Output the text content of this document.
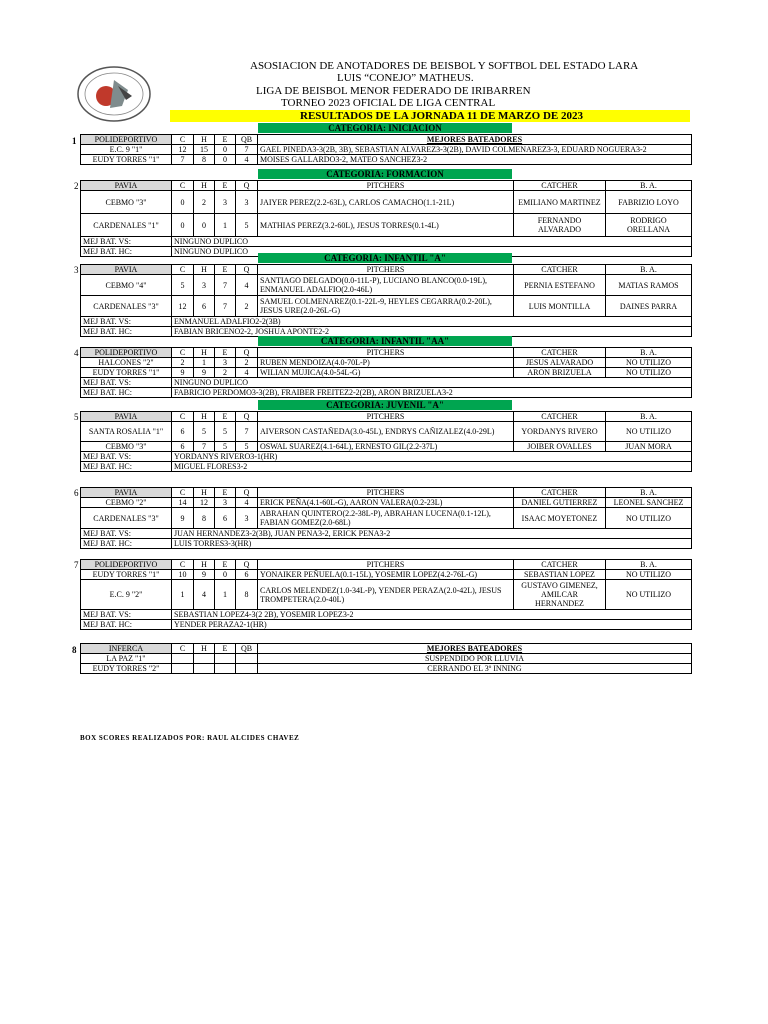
ASOSIACION DE ANOTADORES DE BEISBOL Y SOFTBOL DEL ESTADO LARA
LUIS “CONEJO” MATHEUS.
LIGA DE BEISBOL MENOR FEDERADO DE IRIBARREN
TORNEO 2023 OFICIAL DE LIGA CENTRAL
RESULTADOS DE LA JORNADA 11 DE MARZO DE 2023
CATEGORIA: INICIACION
1 POLIDEPORTIVO	C	H	E	QB	MEJORES BATEADORES
E.C. 9 "1"	12	15	0	7	GAEL PINEDA3-3(2B, 3B), SEBASTIAN ALVAREZ3-3(2B), DAVID COLMENAREZ3-3, EDUARD NOGUERA3-2
EUDY TORRES "1"	7	8	0	4	MOISES GALLARDO3-2, MATEO SANCHEZ3-2
CATEGORIA: FORMACION
2	PAVIA	C	H	E	Q	PITCHERS	CATCHER	B. A.
CEBMO "3"	0	2	3	3	JAIYER PEREZ(2.2-63L), CARLOS CAMACHO(1.1-21L)	EMILIANO MARTINEZ	FABRIZIO LOYO
CARDENALES "1"	0	0	1	5	MATHIAS PEREZ(3.2-60L), JESUS TORRES(0.1-4L)	FERNANDO ALVARADO	RODRIGO ORELLANA
MEJ BAT. VS:	NINGUNO DUPLICO						
MEJ BAT. HC:	NINGUNO DUPLICO						
CATEGORIA: INFANTIL "A"
3	PAVIA	C	H	E	Q	PITCHERS	CATCHER	B. A.
CEBMO "4"	5	3	7	4	SANTIAGO DELGADO(0.0-11L-P), LUCIANO BLANCO(0.0-19L), ENMANUEL ADALFIO(2.0-46L)	PERNIA ESTEFANO	MATIAS RAMOS
CARDENALES "3"	12	6	7	2	SAMUEL COLMENAREZ(0.1-22L-9, HEYLES CEGARRA(0.2-20L), JESUS URE(2.0-26L-G)	LUIS MONTILLA	DAINES PARRA
MEJ BAT. VS:	ENMANUEL ADALFIO2-2(3B)						
MEJ BAT. HC:	FABIAN BRICENO2-2, JOSHUA APONTE2-2						
CATEGORIA: INFANTIL "AA"
4 POLIDEPORTIVO	C	H	E	Q	PITCHERS	CATCHER	B. A.
HALCONES "2"	2	1	3	2	RUBEN MENDOIZA(4.0-70L-P)	JESUS ALVARADO	NO UTILIZO
EUDY TORRES "1"	9	9	2	4	WILIAN MUJICA(4.0-54L-G)	ARON BRIZUELA	NO UTILIZO
MEJ BAT. VS:	NINGUNO DUPLICO						
MEJ BAT. HC:	FABRICIO PERDOMO3-3(2B), FRAIBER FREITEZ2-2(2B), ARON BRIZUELA3-2						
CATEGORIA: JUVENIL "A"
5	PAVIA	C	H	E	Q	PITCHERS	CATCHER	B. A.
SANTA ROSALIA "1"	6	5	5	7	AIVERSON CASTAÑEDA(3.0-45L), ENDRYS CAÑIZALEZ(4.0-29L)	YORDANYS RIVERO	NO UTILIZO
CEBMO "3"	6	7	5	5	OSWAL SUAREZ(4.1-64L), ERNESTO GIL(2.2-37L)	JOIBER OVALLES	JUAN MORA
MEJ BAT. VS:	YORDANYS RIVERO3-1(HR)						
MEJ BAT. HC:	MIGUEL FLORES3-2						
6	PAVIA	C	H	E	Q	PITCHERS	CATCHER	B. A.
CEBMO "2"	14	12	3	4	ERICK PEÑA(4.1-60L-G), AARON VALERA(0.2-23L)	DANIEL GUTIERREZ	LEONEL SANCHEZ
CARDENALES "3"	9	8	6	3	ABRAHAN QUINTERO(2.2-38L-P), ABRAHAN LUCENA(0.1-12L), FABIAN GOMEZ(2.0-68L)	ISAAC MOYETONEZ	NO UTILIZO
MEJ BAT. VS:	JUAN HERNANDEZ3-2(3B), JUAN PENA3-2, ERICK PENA3-2						
MEJ BAT. HC:	LUIS TORRES3-3(HR)						
7 POLIDEPORTIVO	C	H	E	Q	PITCHERS	CATCHER	B. A.
EUDY TORRES "1"	10	9	0	6	YONAIKER PEÑUELA(0.1-15L), YOSEMIR LOPEZ(4.2-76L-G)	SEBASTIAN LOPEZ	NO UTILIZO
E.C. 9 "2"	1	4	1	8	CARLOS MELENDEZ(1.0-34L-P), YENDER PERAZA(2.0-42L), JESUS TROMPETERA(2.0-40L)	GUSTAVO GIMENEZ, AMILCAR HERNANDEZ	NO UTILIZO
MEJ BAT. VS:	SEBASTIAN LOPEZ4-3(2 2B), YOSEMIR LOPEZ3-2						
MEJ BAT. HC:	YENDER PERAZA2-1(HR)						
8	INFERCA	C	H	E	QB	MEJORES BATEADORES
LA PAZ "1"					SUSPENDIDO POR LLUVIA
EUDY TORRES "2"					CERRANDO EL 3º INNING
BOX SCORES REALIZADOS POR: RAUL ALCIDES CHAVEZ
